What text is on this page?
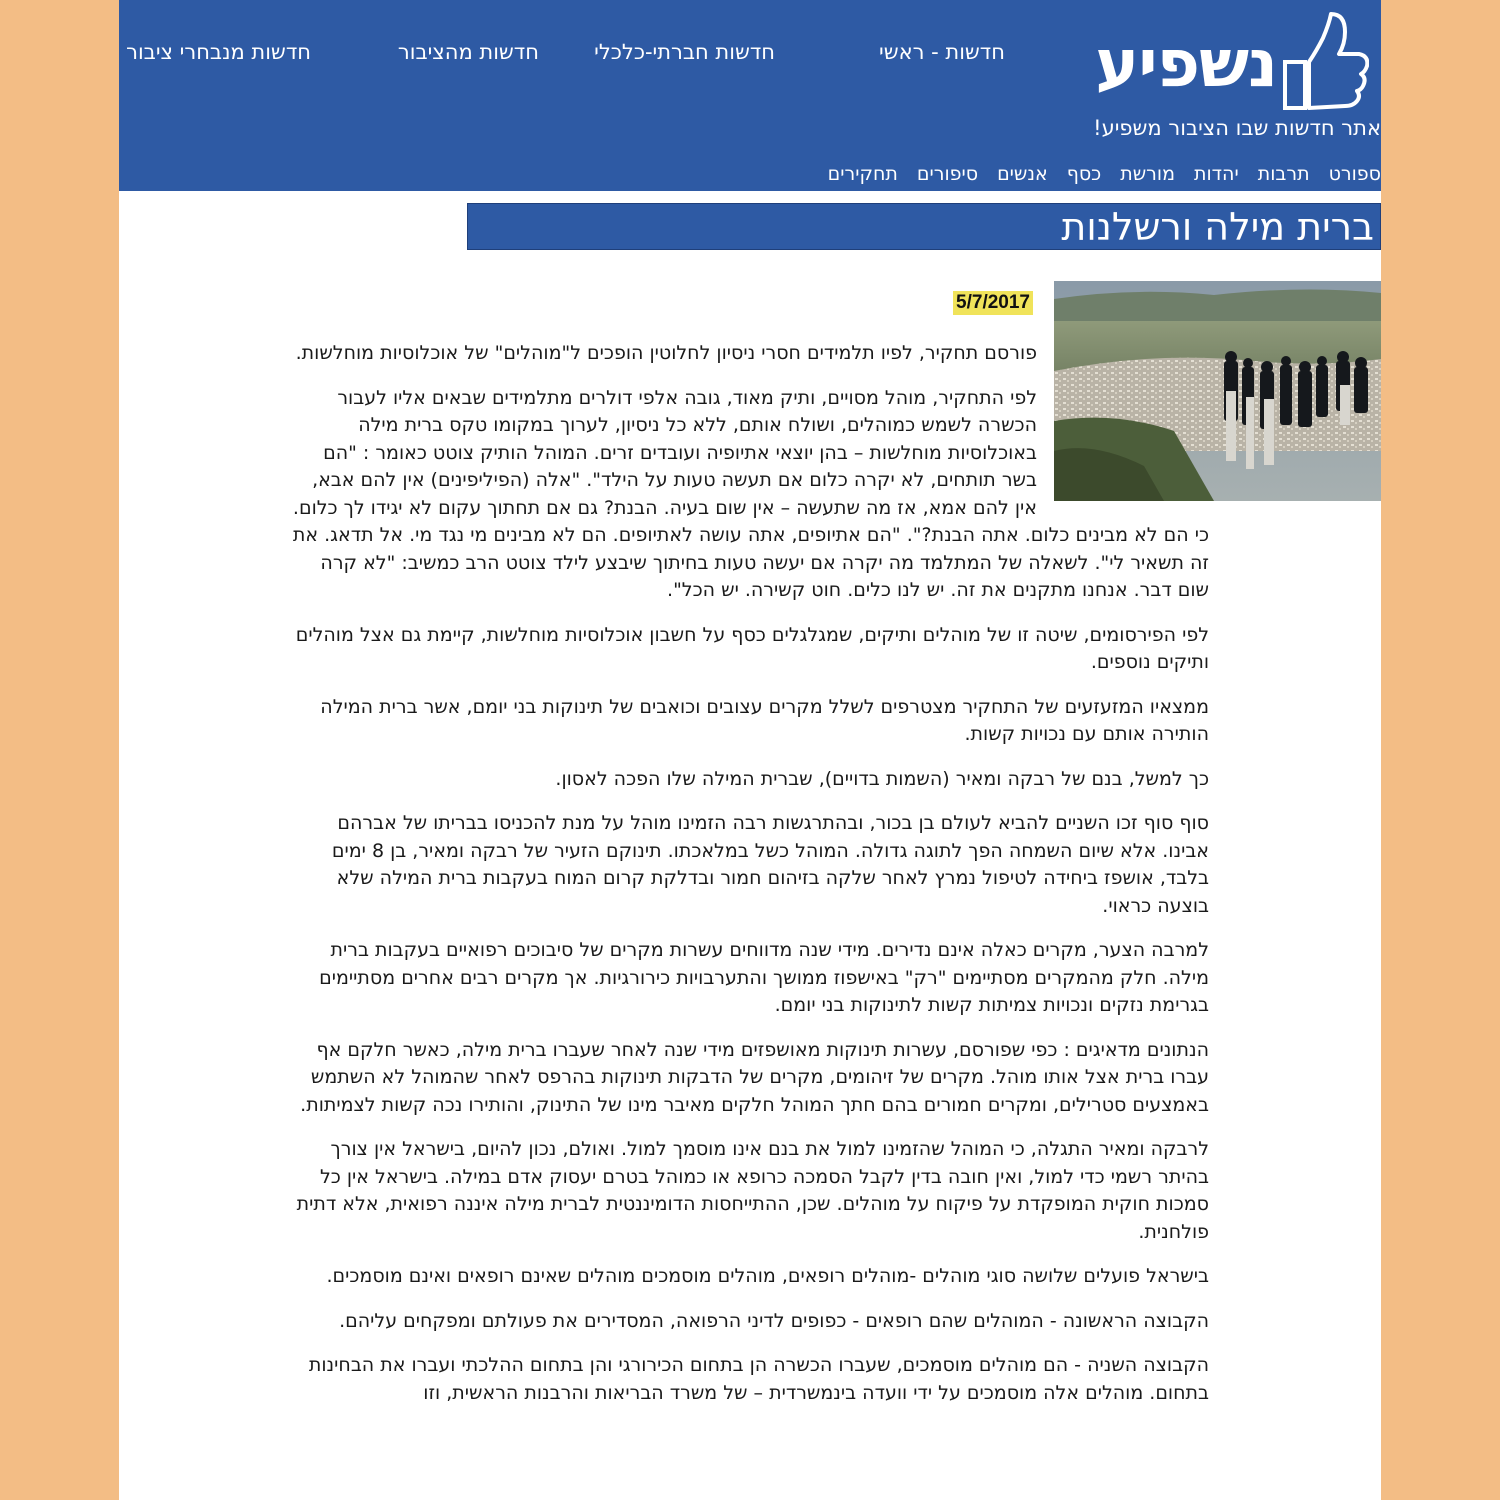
נשפיע
אתר חדשות שבו הציבור משפיע!
חדשות - ראשי
חדשות חברתי-כלכלי
חדשות מהציבור
חדשות מנבחרי ציבור
ספורט
תרבות
יהדות
מורשת
כסף
אנשים
סיפורים
תחקירים
ברית מילה ורשלנות
5/7/2017

פורסם תחקיר, לפיו תלמידים חסרי ניסיון לחלוטין הופכים ל"מוהלים" של אוכלוסיות מוחלשות.

לפי התחקיר, מוהל מסויים, ותיק מאוד, גובה אלפי דולרים מתלמידים שבאים אליו לעבור הכשרה לשמש כמוהלים, ושולח אותם, ללא כל ניסיון, לערוך במקומו טקס ברית מילה באוכלוסיות מוחלשות – בהן יוצאי אתיופיה ועובדים זרים. המוהל הותיק צוטט כאומר : "הם בשר תותחים, לא יקרה כלום אם תעשה טעות על הילד". "אלה (הפיליפינים) אין להם אבא, אין להם אמא, אז מה שתעשה – אין שום בעיה. הבנת? גם אם תחתוך עקום לא יגידו לך כלום. כי הם לא מבינים כלום. אתה הבנת?". "הם אתיופים, אתה עושה לאתיופים. הם לא מבינים מי נגד מי. אל תדאג. את זה תשאיר לי". לשאלה של המתלמד מה יקרה אם יעשה טעות בחיתוך שיבצע לילד צוטט הרב כמשיב: "לא קרה שום דבר. אנחנו מתקנים את זה. יש לנו כלים. חוט קשירה. יש הכל".

לפי הפירסומים, שיטה זו של מוהלים ותיקים, שמגלגלים כסף על חשבון אוכלוסיות מוחלשות, קיימת גם אצל מוהלים ותיקים נוספים.

ממצאיו המזעזעים של התחקיר מצטרפים לשלל מקרים עצובים וכואבים של תינוקות בני יומם, אשר ברית המילה הותירה אותם עם נכויות קשות.

כך למשל, בנם של רבקה ומאיר (השמות בדויים), שברית המילה שלו הפכה לאסון.

סוף סוף זכו השניים להביא לעולם בן בכור, ובהתרגשות רבה הזמינו מוהל על מנת להכניסו בבריתו של אברהם אבינו. אלא שיום השמחה הפך לתוגה גדולה. המוהל כשל במלאכתו. תינוקם הזעיר של רבקה ומאיר, בן 8 ימים בלבד, אושפז ביחידה לטיפול נמרץ לאחר שלקה בזיהום חמור ובדלקת קרום המוח בעקבות ברית המילה שלא בוצעה כראוי.

למרבה הצער, מקרים כאלה אינם נדירים. מידי שנה מדווחים עשרות מקרים של סיבוכים רפואיים בעקבות ברית מילה. חלק מהמקרים מסתיימים "רק" באישפוז ממושך והתערבויות כירורגיות. אך מקרים רבים אחרים מסתיימים בגרימת נזקים ונכויות צמיתות קשות לתינוקות בני יומם.

הנתונים מדאיגים : כפי שפורסם, עשרות תינוקות מאושפזים מידי שנה לאחר שעברו ברית מילה, כאשר חלקם אף עברו ברית אצל אותו מוהל. מקרים של זיהומים, מקרים של הדבקות תינוקות בהרפס לאחר שהמוהל לא השתמש באמצעים סטרילים, ומקרים חמורים בהם חתך המוהל חלקים מאיבר מינו של התינוק, והותירו נכה קשות לצמיתות.

לרבקה ומאיר התגלה, כי המוהל שהזמינו למול את בנם אינו מוסמך למול. ואולם, נכון להיום, בישראל אין צורך בהיתר רשמי כדי למול, ואין חובה בדין לקבל הסמכה כרופא או כמוהל בטרם יעסוק אדם במילה. בישראל אין כל סמכות חוקית המופקדת על פיקוח על מוהלים. שכן, ההתייחסות הדומיננטית לברית מילה איננה רפואית, אלא דתית פולחנית.

בישראל פועלים שלושה סוגי מוהלים -מוהלים רופאים, מוהלים מוסמכים מוהלים שאינם רופאים ואינם מוסמכים.

הקבוצה הראשונה - המוהלים שהם רופאים - כפופים לדיני הרפואה, המסדירים את פעולתם ומפקחים עליהם.

הקבוצה השניה - הם מוהלים מוסמכים, שעברו הכשרה הן בתחום הכירורגי והן בתחום ההלכתי ועברו את הבחינות בתחום. מוהלים אלה מוסמכים על ידי וועדה בינמשרדית – של משרד הבריאות והרבנות הראשית, וזו
